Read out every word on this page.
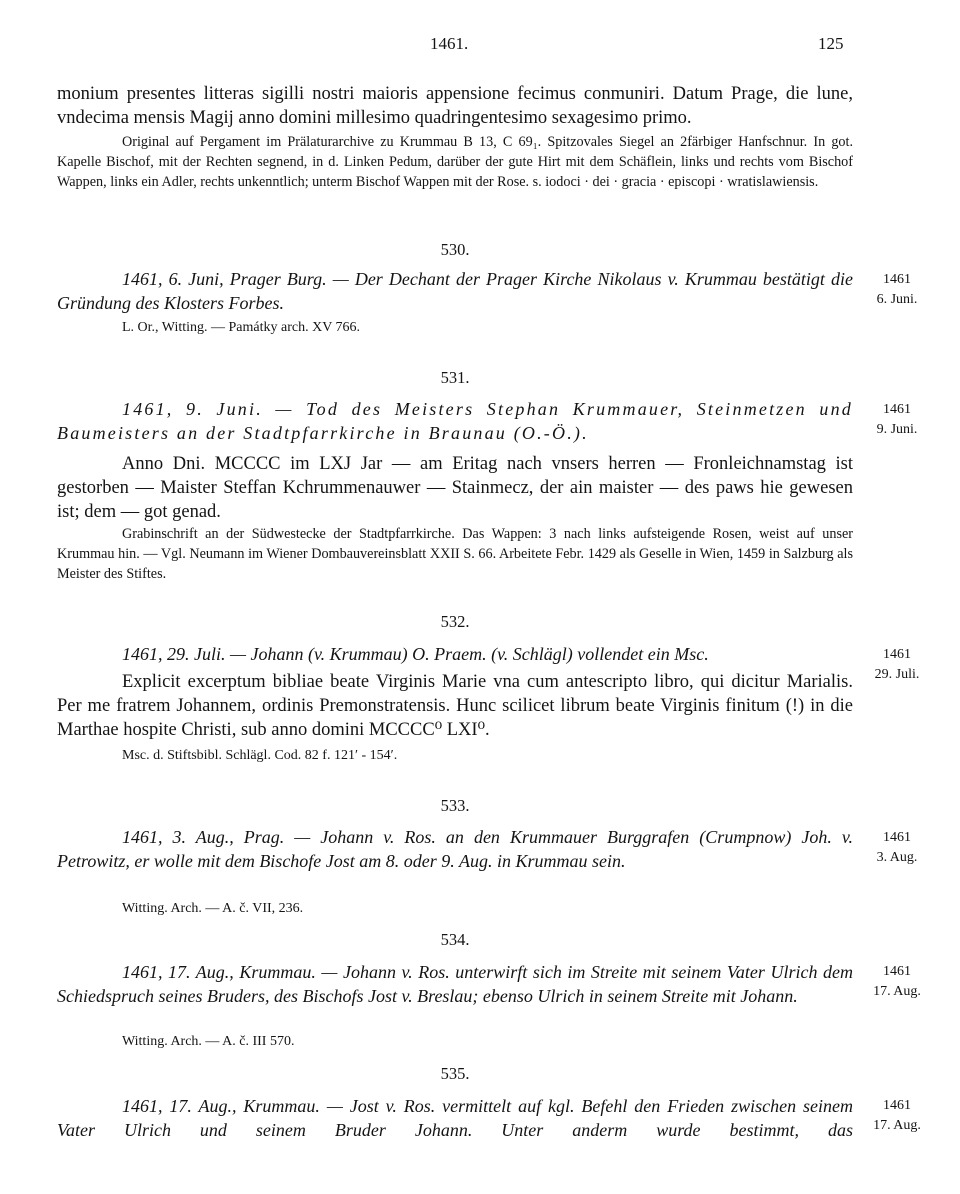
1461.	125
monium presentes litteras sigilli nostri maioris appensione fecimus conmuniri. Datum Prage, die lune, vndecima mensis Magij anno domini millesimo quadringentesimo sexagesimo primo.
Original auf Pergament im Prälaturarchive zu Krummau B 13, C 69₁. Spitzovales Siegel an 2färbiger Hanfschnur. In got. Kapelle Bischof, mit der Rechten segnend, in d. Linken Pedum, darüber der gute Hirt mit dem Schäflein, links und rechts vom Bischof Wappen, links ein Adler, rechts unkenntlich; unterm Bischof Wappen mit der Rose. s. iodoci · dei · gracia · episcopi · wratislawiensis.
530.
1461, 6. Juni, Prager Burg. — Der Dechant der Prager Kirche Nikolaus v. Krummau bestätigt die Gründung des Klosters Forbes.
1461
6. Juni.
L. Or., Witting. — Památky arch. XV 766.
531.
1461, 9. Juni. — Tod des Meisters Stephan Krummauer, Steinmetzen und Baumeisters an der Stadtpfarrkirche in Braunau (O.-Ö.).
1461
9. Juni.
Anno Dni. MCCCC im LXJ Jar — am Eritag nach vnsers herren — Fronleichnamstag ist gestorben — Maister Steffan Kchrummenauwer — Stainmecz, der ain maister — des paws hie gewesen ist; dem — got genad.
Grabinschrift an der Südwestecke der Stadtpfarrkirche. Das Wappen: 3 nach links aufsteigende Rosen, weist auf unser Krummau hin. — Vgl. Neumann im Wiener Dombauvereinsblatt XXII S. 66. Arbeitete Febr. 1429 als Geselle in Wien, 1459 in Salzburg als Meister des Stiftes.
532.
1461, 29. Juli. — Johann (v. Krummau) O. Praem. (v. Schlägl) vollendet ein Msc.	1461
29. Juli.
Explicit excerptum bibliae beate Virginis Marie vna cum antescripto libro, qui dicitur Marialis. Per me fratrem Johannem, ordinis Premonstratensis. Hunc scilicet librum beate Virginis finitum (!) in die Marthae hospite Christi, sub anno domini MCCCC⁰ LXI⁰.
Msc. d. Stiftsbibl. Schlägl. Cod. 82 f. 121′ - 154′.
533.
1461, 3. Aug., Prag. — Johann v. Ros. an den Krummauer Burggrafen (Crumpnow) Joh. v. Petrowitz, er wolle mit dem Bischofe Jost am 8. oder 9. Aug. in Krummau sein.
1461
3. Aug.
Witting. Arch. — A. č. VII, 236.
534.
1461, 17. Aug., Krummau. — Johann v. Ros. unterwirft sich im Streite mit seinem Vater Ulrich dem Schiedspruch seines Bruders, des Bischofs Jost v. Breslau; ebenso Ulrich in seinem Streite mit Johann.
1461
17. Aug.
Witting. Arch. — A. č. III 570.
535.
1461, 17. Aug., Krummau. — Jost v. Ros. vermittelt auf kgl. Befehl den Frieden zwischen seinem Vater Ulrich und seinem Bruder Johann. Unter anderm wurde bestimmt, das
1461
17. Aug.
